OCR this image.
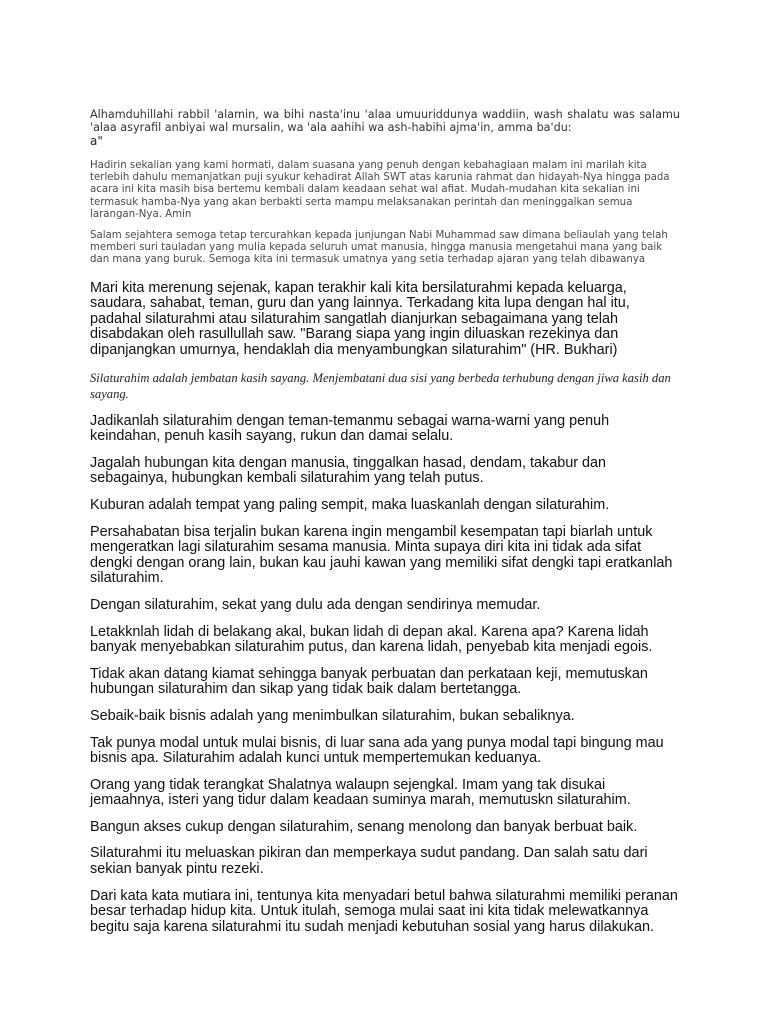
Alhamduhillahi rabbil 'alamin, wa bihi nasta'inu 'alaa umuuriddunya waddiin, wash shalatu was salamu 'alaa asyrafil anbiyai wal mursalin, wa 'ala aahihi wa ash-habihi ajma'in, amma ba'du:

a"

Hadirin sekalian yang kami hormati, dalam suasana yang penuh dengan kebahagiaan malam ini marilah kita terlebih dahulu memanjatkan puji syukur kehadirat Allah SWT atas karunia rahmat dan hidayah-Nya hingga pada acara ini kita masih bisa bertemu kembali dalam keadaan sehat wal afiat. Mudah-mudahan kita sekalian ini termasuk hamba-Nya yang akan berbakti serta mampu melaksanakan perintah dan meninggalkan semua larangan-Nya. Amin

Salam sejahtera semoga tetap tercurahkan kepada junjungan Nabi Muhammad saw dimana beliaulah yang telah memberi suri tauladan yang mulia kepada seluruh umat manusia, hingga manusia mengetahui mana yang baik dan mana yang buruk. Semoga kita ini termasuk umatnya yang setia terhadap ajaran yang telah dibawanya

Mari kita merenung sejenak, kapan terakhir kali kita bersilaturahmi kepada keluarga, saudara, sahabat, teman, guru dan yang lainnya. Terkadang kita lupa dengan hal itu, padahal silaturahmi atau silaturahim sangatlah dianjurkan sebagaimana yang telah disabdakan oleh rasullullah saw. "Barang siapa yang ingin diluaskan rezekinya dan dipanjangkan umurnya, hendaklah dia menyambungkan silaturahim" (HR. Bukhari)

Silaturahim adalah jembatan kasih sayang. Menjembatani dua sisi yang berbeda terhubung dengan jiwa kasih dan sayang.

Jadikanlah silaturahim dengan teman-temanmu sebagai warna-warni yang penuh keindahan, penuh kasih sayang, rukun dan damai selalu.

Jagalah hubungan kita dengan manusia, tinggalkan hasad, dendam, takabur dan sebagainya, hubungkan kembali silaturahim yang telah putus.

Kuburan adalah tempat yang paling sempit, maka luaskanlah dengan silaturahim.

Persahabatan bisa terjalin bukan karena ingin mengambil kesempatan tapi biarlah untuk mengeratkan lagi silaturahim sesama manusia. Minta supaya diri kita ini tidak ada sifat dengki dengan orang lain, bukan kau jauhi kawan yang memiliki sifat dengki tapi eratkanlah silaturahim.

Dengan silaturahim, sekat yang dulu ada dengan sendirinya memudar.

Letakknlah lidah di belakang akal, bukan lidah di depan akal. Karena apa? Karena lidah banyak menyebabkan silaturahim putus, dan karena lidah, penyebab kita menjadi egois.

Tidak akan datang kiamat sehingga banyak perbuatan dan perkataan keji, memutuskan hubungan silaturahim dan sikap yang tidak baik dalam bertetangga.

Sebaik-baik bisnis adalah yang menimbulkan silaturahim, bukan sebaliknya.

Tak punya modal untuk mulai bisnis, di luar sana ada yang punya modal tapi bingung mau bisnis apa. Silaturahim adalah kunci untuk mempertemukan keduanya.

Orang yang tidak terangkat Shalatnya walaupn sejengkal. Imam yang tak disukai jemaahnya, isteri yang tidur dalam keadaan suminya marah, memutuskn silaturahim.

Bangun akses cukup dengan silaturahim, senang menolong dan banyak berbuat baik.

Silaturahmi itu meluaskan pikiran dan memperkaya sudut pandang. Dan salah satu dari sekian banyak pintu rezeki.

Dari kata kata mutiara ini, tentunya kita menyadari betul bahwa silaturahmi memiliki peranan besar terhadap hidup kita. Untuk itulah, semoga mulai saat ini kita tidak melewatkannya begitu saja karena silaturahmi itu sudah menjadi kebutuhan sosial yang harus dilakukan.
